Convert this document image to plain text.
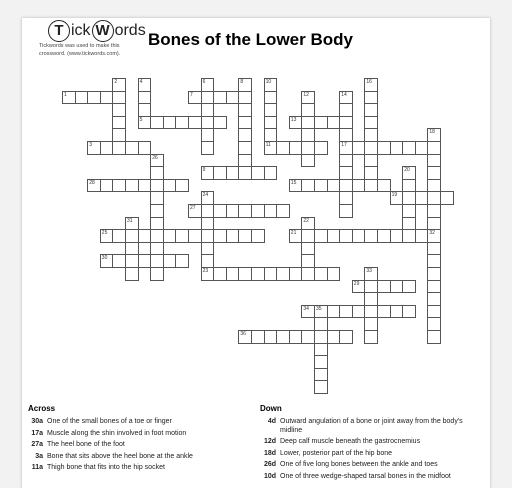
T ick W ords
Tickwords was used to make this crossword. (www.tickwords.com).
Bones of the Lower Body
1
2	4
5
7
6	8	10
11
3
9
12
13
14
17
16
15
18
32
20
19
28
26
24
27
22
21
25
31
30
23	33
29
34 35
36
Across
30a One of the small bones of a toe or finger
17a Muscle along the shin involved in foot motion
27a The heel bone of the foot
3a Bone that sits above the heel bone at the ankle
11a Thigh bone that fits into the hip socket
Down
4d Outward angulation of a bone or joint away from the body's midline
12d Deep calf muscle beneath the gastrocnemius
18d Lower, posterior part of the hip bone
26d One of five long bones between the ankle and toes
10d One of three wedge-shaped tarsal bones in the midfoot
